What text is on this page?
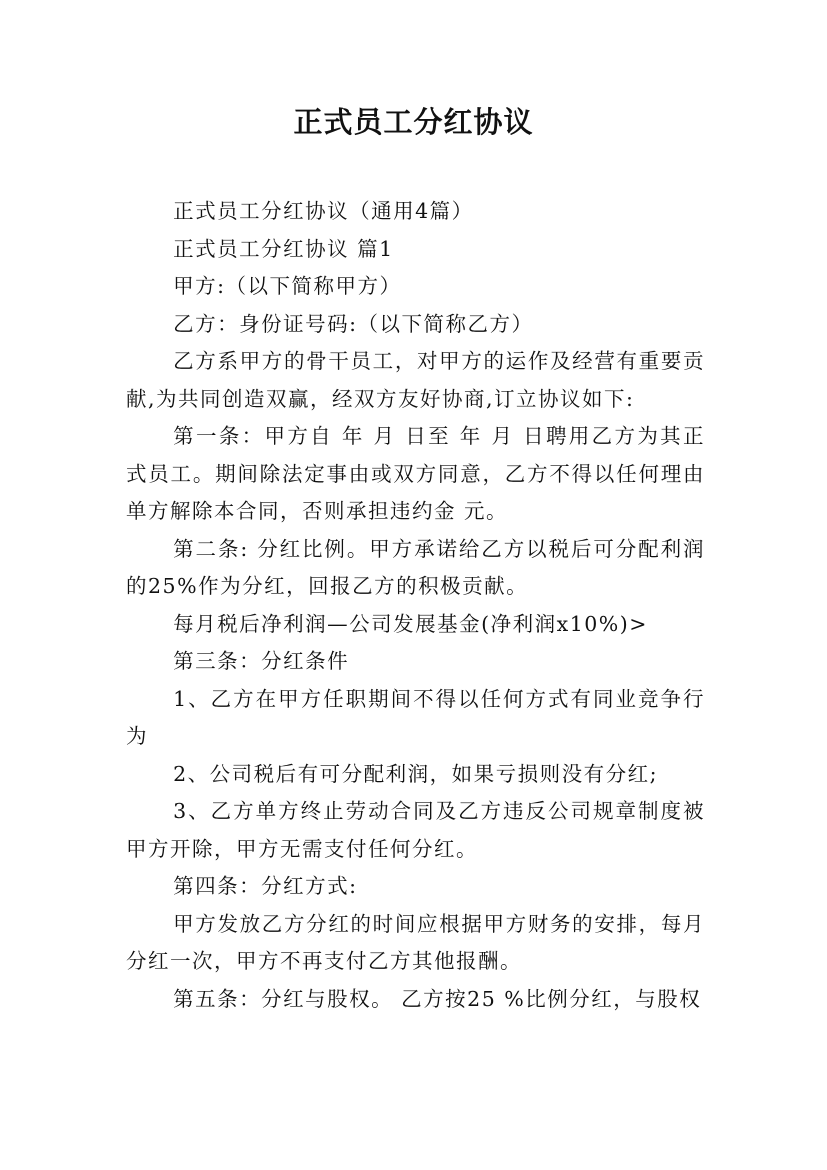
正式员工分红协议

正式员工分红协议（通用4篇）

正式员工分红协议 篇1

甲方:（以下简称甲方）

乙方：身份证号码:（以下简称乙方）

乙方系甲方的骨干员工，对甲方的运作及经营有重要贡献,为共同创造双赢，经双方友好协商,订立协议如下:

第一条：甲方自 年 月 日至 年 月 日聘用乙方为其正式员工。期间除法定事由或双方同意，乙方不得以任何理由单方解除本合同，否则承担违约金 元。

第二条: 分红比例。甲方承诺给乙方以税后可分配利润的25%作为分红，回报乙方的积极贡献。

每月税后净利润—公司发展基金(净利润x10%)>

第三条：分红条件

1、乙方在甲方任职期间不得以任何方式有同业竞争行为

2、公司税后有可分配利润，如果亏损则没有分红;

3、乙方单方终止劳动合同及乙方违反公司规章制度被甲方开除，甲方无需支付任何分红。

第四条：分红方式:

甲方发放乙方分红的时间应根据甲方财务的安排，每月分红一次，甲方不再支付乙方其他报酬。

第五条：分红与股权。 乙方按25 %比例分红，与股权
